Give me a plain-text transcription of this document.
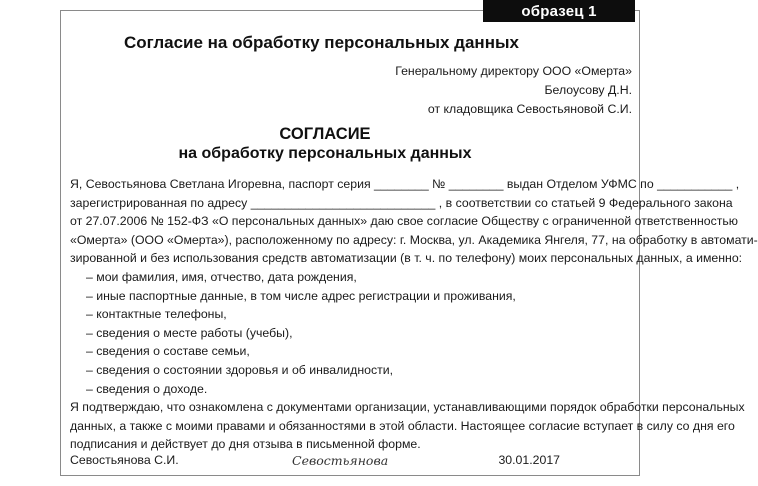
образец 1
Согласие на обработку персональных данных
Генеральному директору ООО «Омерта»
Белоусову Д.Н.
от кладовщика Севостьяновой С.И.
СОГЛАСИЕ
на обработку персональных данных
Я, Севостьянова Светлана Игоревна, паспорт серия ________ № ________ выдан Отделом УФМС по ___________ ,
зарегистрированная по адресу ___________________________ , в соответствии со статьей 9 Федерального закона
от 27.07.2006 № 152-ФЗ «О персональных данных» даю свое согласие Обществу с ограниченной ответственностью
«Омерта» (ООО «Омерта»), расположенному по адресу: г. Москва, ул. Академика Янгеля, 77, на обработку в автомати-
зированной и без использования средств автоматизации (в т. ч. по телефону) моих персональных данных, а именно:
– мои фамилия, имя, отчество, дата рождения,
– иные паспортные данные, в том числе адрес регистрации и проживания,
– контактные телефоны,
– сведения о месте работы (учебы),
– сведения о составе семьи,
– сведения о состоянии здоровья и об инвалидности,
– сведения о доходе.
Я подтверждаю, что ознакомлена с документами организации, устанавливающими порядок обработки персональных
данных, а также с моими правами и обязанностями в этой области. Настоящее согласие вступает в силу со дня его
подписания и действует до дня отзыва в письменной форме.
Севостьянова С.И.	Севостьянова	30.01.2017
